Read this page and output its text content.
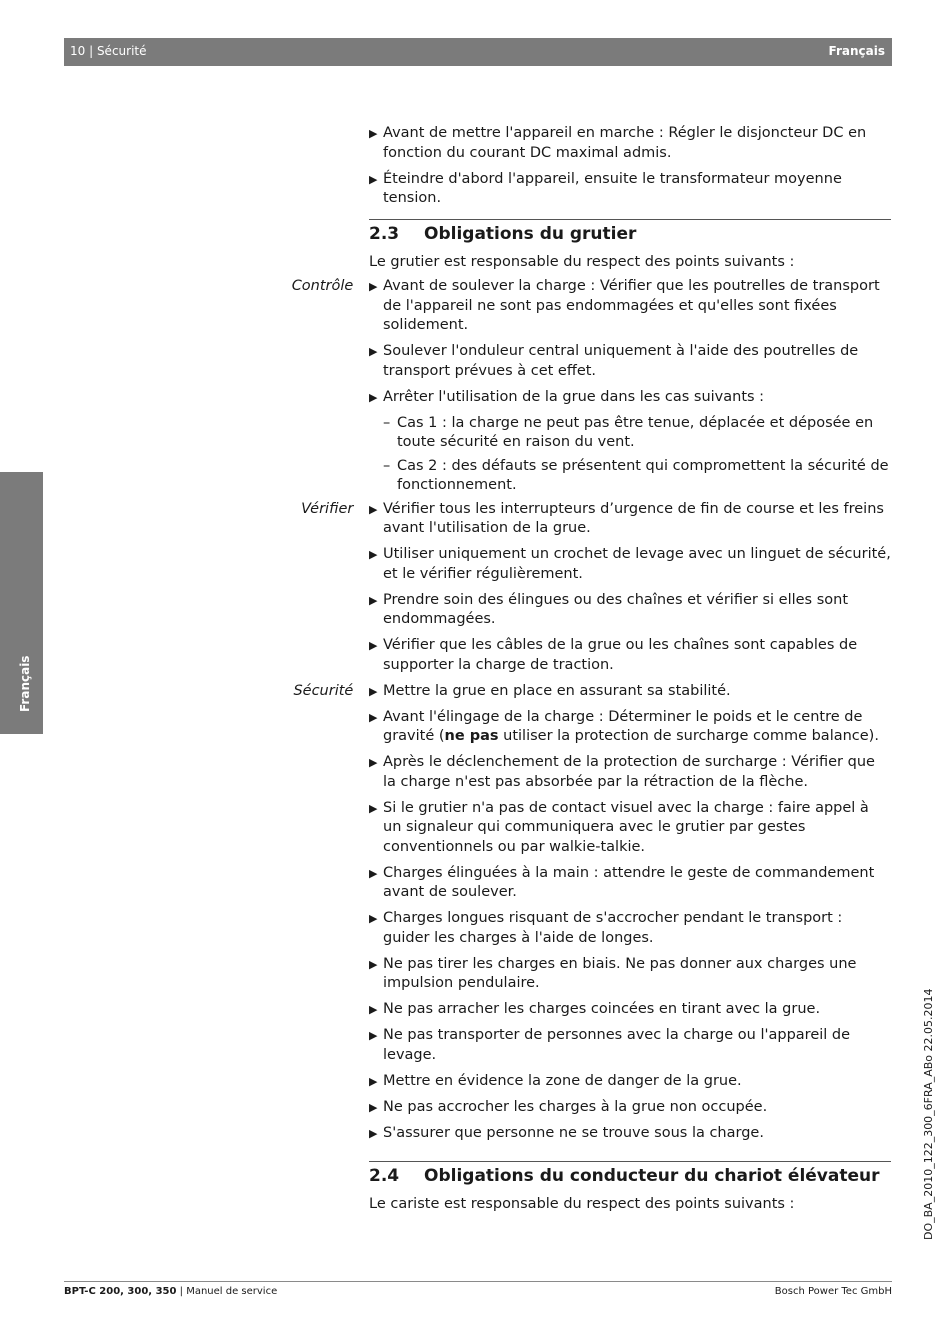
10 | Sécurité	Français
Français
▶ Avant de mettre l'appareil en marche : Régler le disjoncteur DC en fonction du courant DC maximal admis.
▶ Éteindre d'abord l'appareil, ensuite le transformateur moyenne tension.
2.3	Obligations du grutier
Le grutier est responsable du respect des points suivants :
Contrôle ▶ Avant de soulever la charge : Vérifier que les poutrelles de transport de l'appareil ne sont pas endommagées et qu'elles sont fixées solidement.
▶ Soulever l'onduleur central uniquement à l'aide des poutrelles de transport prévues à cet effet.
▶ Arrêter l'utilisation de la grue dans les cas suivants :
– Cas 1 : la charge ne peut pas être tenue, déplacée et déposée en toute sécurité en raison du vent.
– Cas 2 : des défauts se présentent qui compromettent la sécurité de fonctionnement.
Vérifier ▶ Vérifier tous les interrupteurs d’urgence de fin de course et les freins avant l'utilisation de la grue.
▶ Utiliser uniquement un crochet de levage avec un linguet de sécurité, et le vérifier régulièrement.
▶ Prendre soin des élingues ou des chaînes et vérifier si elles sont endommagées.
▶ Vérifier que les câbles de la grue ou les chaînes sont capables de supporter la charge de traction.
Sécurité ▶ Mettre la grue en place en assurant sa stabilité.
▶ Avant l'élingage de la charge : Déterminer le poids et le centre de gravité (ne pas utiliser la protection de surcharge comme balance).
▶ Après le déclenchement de la protection de surcharge : Vérifier que la charge n'est pas absorbée par la rétraction de la flèche.
▶ Si le grutier n'a pas de contact visuel avec la charge : faire appel à un signaleur qui communiquera avec le grutier par gestes conventionnels ou par walkie-talkie.
▶ Charges élinguées à la main : attendre le geste de commandement avant de soulever.
▶ Charges longues risquant de s'accrocher pendant le transport : guider les charges à l'aide de longes.
▶ Ne pas tirer les charges en biais. Ne pas donner aux charges une impulsion pendulaire.
▶ Ne pas arracher les charges coincées en tirant avec la grue.
▶ Ne pas transporter de personnes avec la charge ou l'appareil de levage.
▶ Mettre en évidence la zone de danger de la grue.
▶ Ne pas accrocher les charges à la grue non occupée.
▶ S'assurer que personne ne se trouve sous la charge.
2.4	Obligations du conducteur du chariot élévateur
Le cariste est responsable du respect des points suivants :	DO_BA_2010_122_300_6FRA_ABo 22.05.2014
BPT-C 200, 300, 350 | Manuel de service	Bosch Power Tec GmbH
